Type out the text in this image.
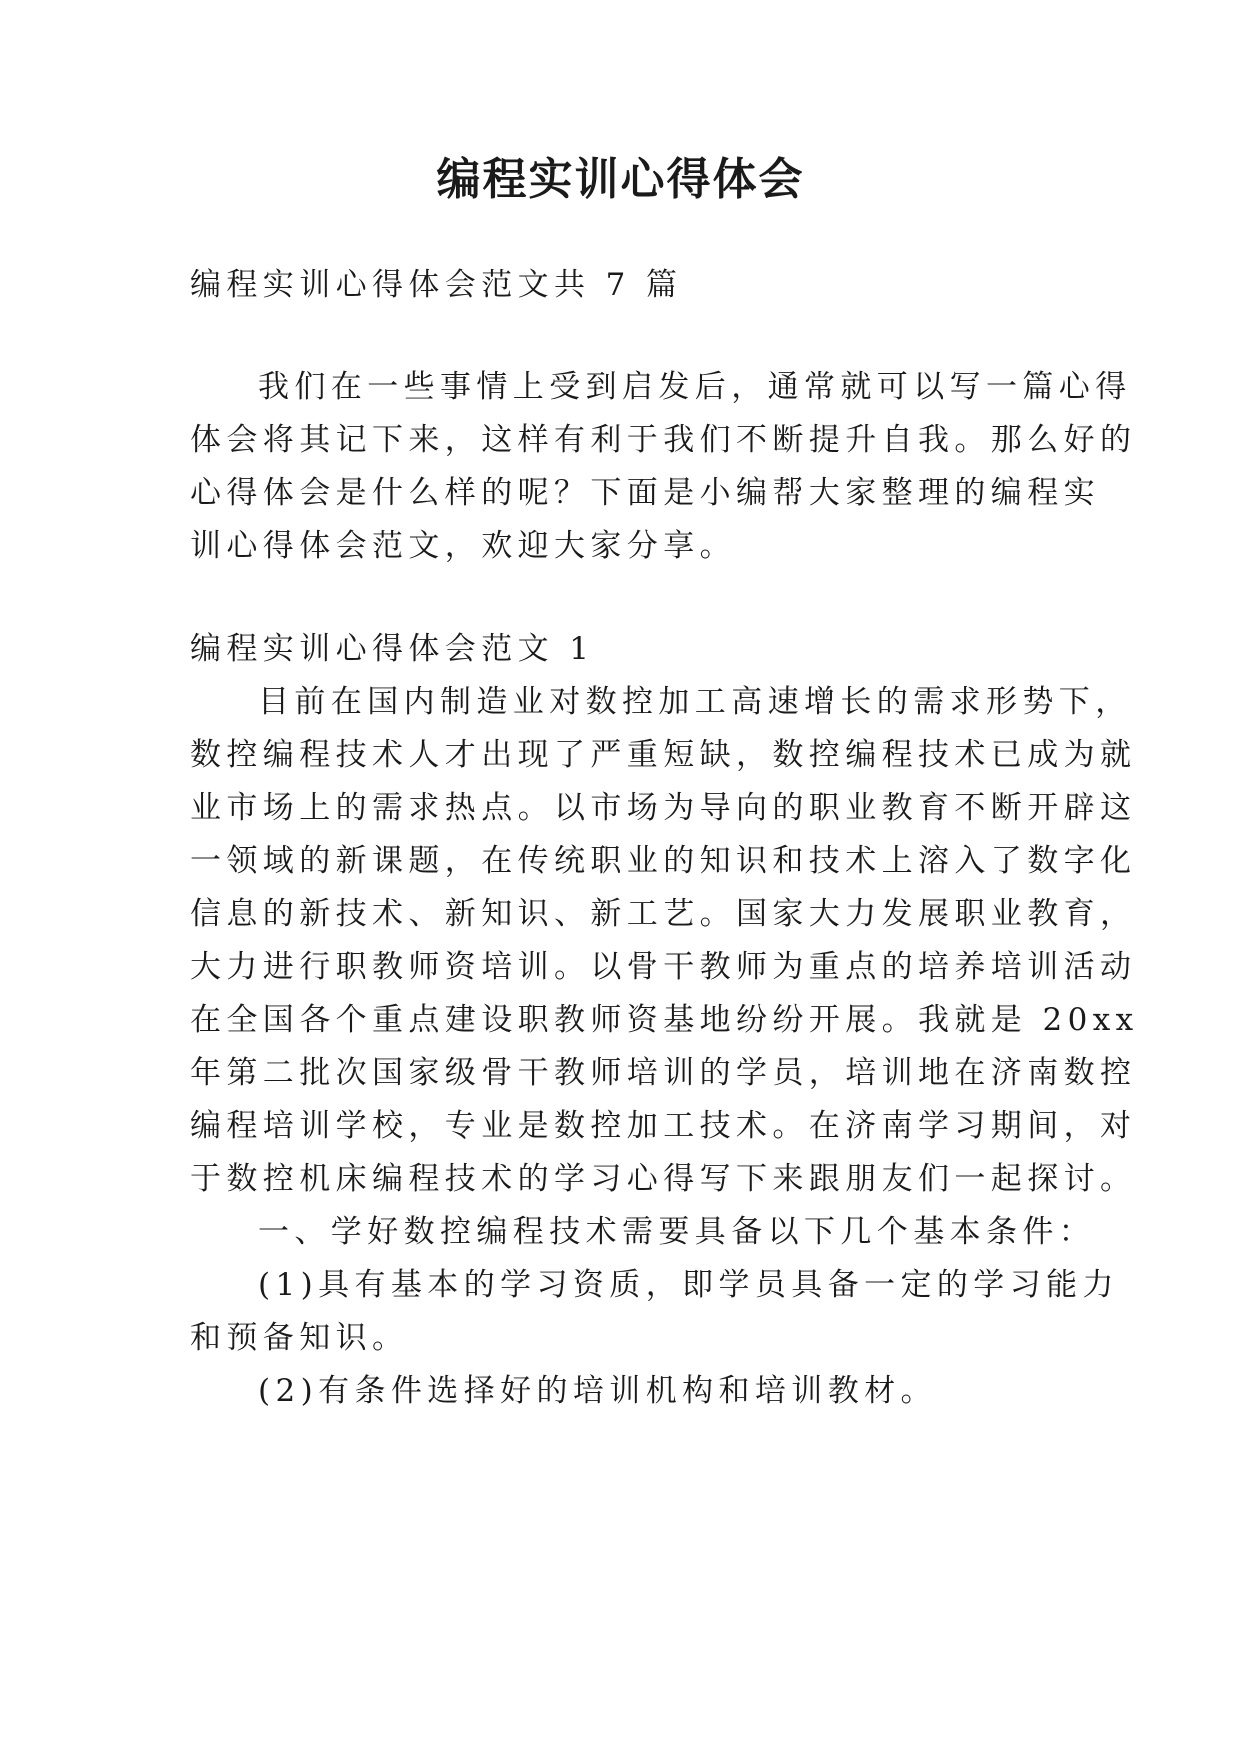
编程实训心得体会
编程实训心得体会范文共 7 篇
我们在一些事情上受到启发后，通常就可以写一篇心得
体会将其记下来，这样有利于我们不断提升自我。那么好的
心得体会是什么样的呢？下面是小编帮大家整理的编程实
训心得体会范文，欢迎大家分享。
编程实训心得体会范文 1
目前在国内制造业对数控加工高速增长的需求形势下，
数控编程技术人才出现了严重短缺，数控编程技术已成为就
业市场上的需求热点。以市场为导向的职业教育不断开辟这
一领域的新课题，在传统职业的知识和技术上溶入了数字化
信息的新技术、新知识、新工艺。国家大力发展职业教育，
大力进行职教师资培训。以骨干教师为重点的培养培训活动
在全国各个重点建设职教师资基地纷纷开展。我就是 20xx
年第二批次国家级骨干教师培训的学员，培训地在济南数控
编程培训学校，专业是数控加工技术。在济南学习期间，对
于数控机床编程技术的学习心得写下来跟朋友们一起探讨。
一、学好数控编程技术需要具备以下几个基本条件：
(1)具有基本的学习资质，即学员具备一定的学习能力
和预备知识。
(2)有条件选择好的培训机构和培训教材。
